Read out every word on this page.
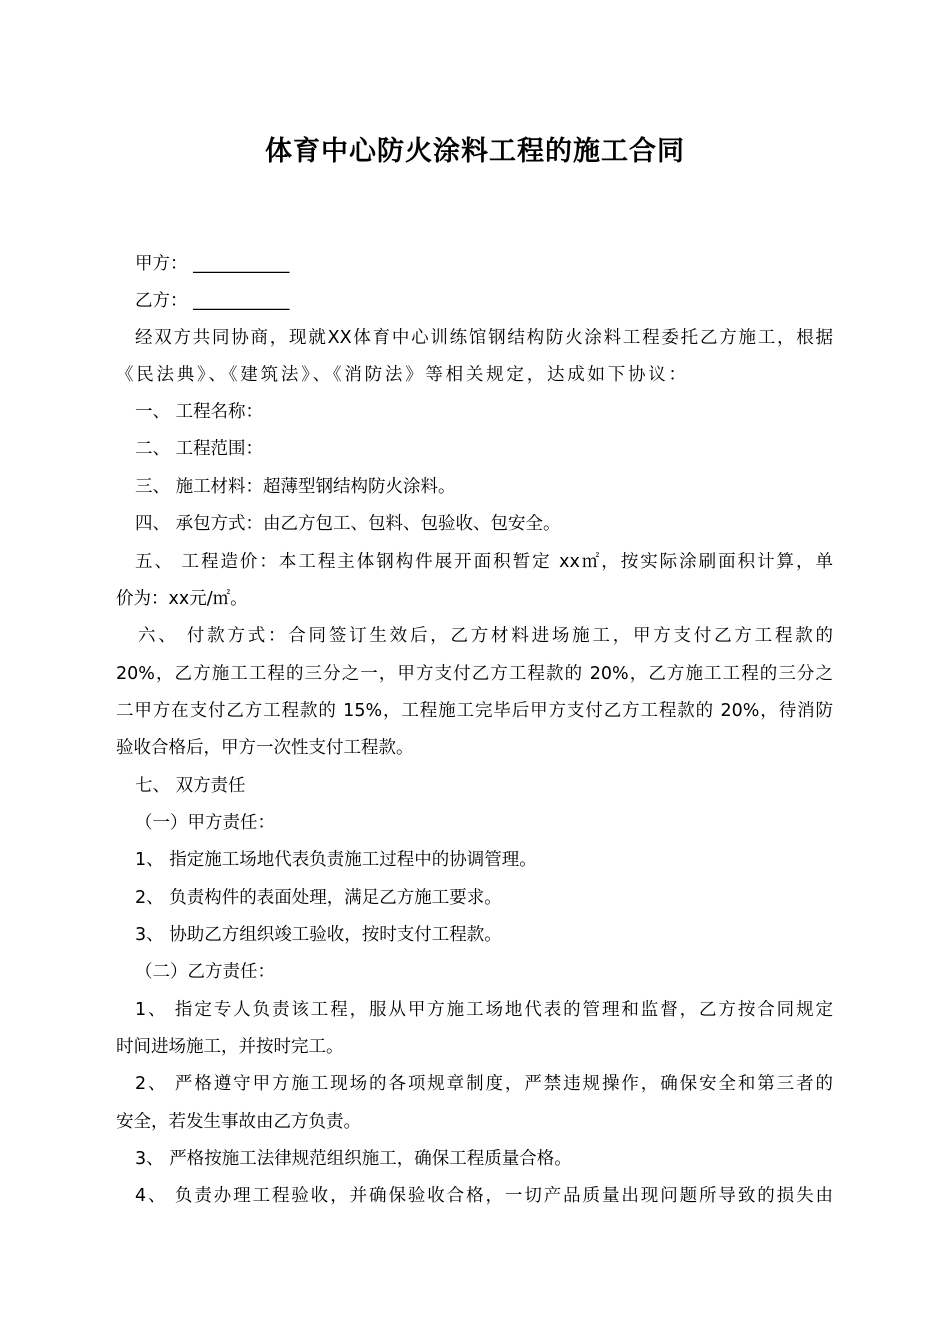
体育中心防火涂料工程的施工合同
甲方： ___________
乙方： ___________
经双方共同协商，现就XX体育中心训练馆钢结构防火涂料工程委托乙方施工，根据
《民法典》、《建筑法》、《消防法》等相关规定，达成如下协议：
一、 工程名称：
二、 工程范围：
三、 施工材料：超薄型钢结构防火涂料。
四、 承包方式：由乙方包工、包料、包验收、包安全。
五、 工程造价：本工程主体钢构件展开面积暂定 xx㎡，按实际涂刷面积计算，单
价为：xx元/㎡。
六、 付款方式：合同签订生效后，乙方材料进场施工，甲方支付乙方工程款的
20%，乙方施工工程的三分之一，甲方支付乙方工程款的 20%，乙方施工工程的三分之
二甲方在支付乙方工程款的 15%，工程施工完毕后甲方支付乙方工程款的 20%，待消防
验收合格后，甲方一次性支付工程款。
七、 双方责任
（一）甲方责任：
1、 指定施工场地代表负责施工过程中的协调管理。
2、 负责构件的表面处理，满足乙方施工要求。
3、 协助乙方组织竣工验收，按时支付工程款。
（二）乙方责任：
1、 指定专人负责该工程，服从甲方施工场地代表的管理和监督，乙方按合同规定
时间进场施工，并按时完工。
2、 严格遵守甲方施工现场的各项规章制度，严禁违规操作，确保安全和第三者的
安全，若发生事故由乙方负责。
3、 严格按施工法律规范组织施工，确保工程质量合格。
4、 负责办理工程验收，并确保验收合格，一切产品质量出现问题所导致的损失由
